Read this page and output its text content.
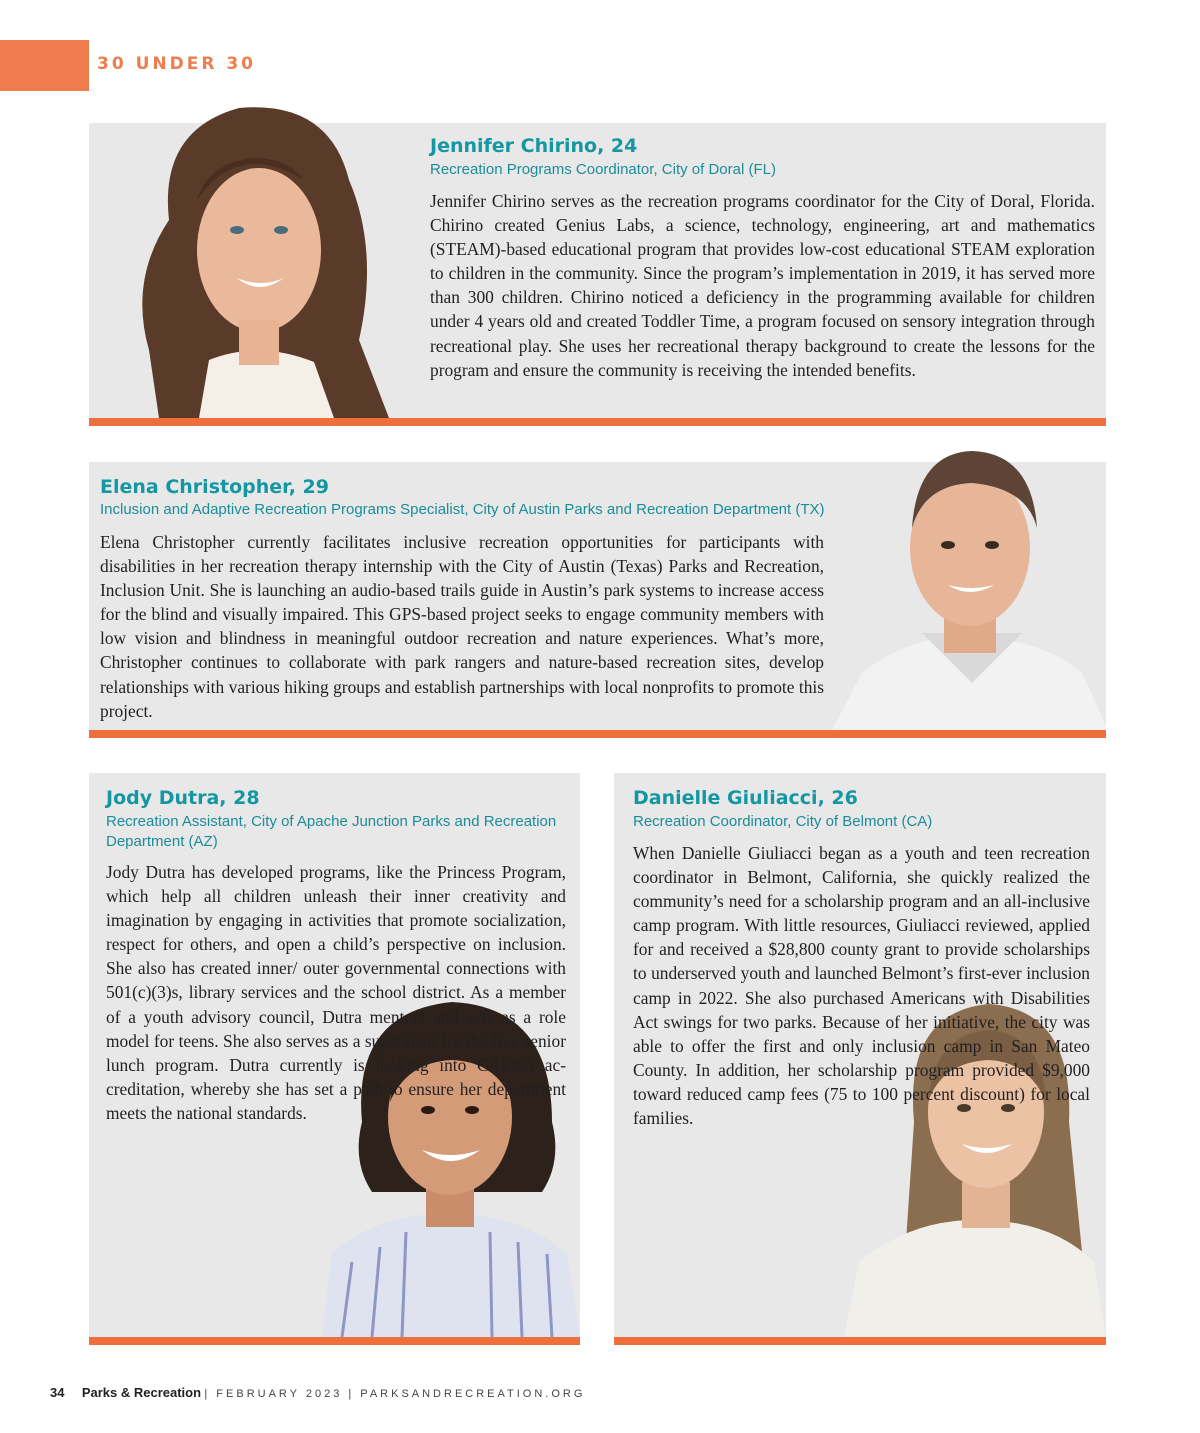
30 UNDER 30
Jennifer Chirino, 24

Recreation Programs Coordinator, City of Doral (FL)

Jennifer Chirino serves as the recreation programs coordinator for the City of Doral, Florida. Chirino created Genius Labs, a science, technology, engineering, art and mathematics (STEAM)-based educational program that provides low-cost educational STEAM exploration to children in the community. Since the program’s implementation in 2019, it has served more than 300 children. Chirino noticed a deficiency in the programming available for children under 4 years old and created Toddler Time, a program focused on sensory integration through recreational play. She uses her recreational therapy background to create the lessons for the program and ensure the community is receiving the intended benefits.

Elena Christopher, 29

Inclusion and Adaptive Recreation Programs Specialist, City of Austin Parks and Recreation Department (TX)

Elena Christopher currently facilitates inclusive recreation opportunities for participants with disabilities in her recreation therapy internship with the City of Austin (Texas) Parks and Recreation, Inclusion Unit. She is launching an audio-based trails guide in Austin’s park systems to increase access for the blind and visually impaired. This GPS-based project seeks to engage community members with low vision and blindness in meaningful outdoor recreation and nature experiences. What’s more, Christopher continues to collaborate with park rangers and nature-based recreation sites, develop relationships with various hiking groups and establish partnerships with local nonprofits to promote this project.

Jody Dutra, 28

Recreation Assistant, City of Apache Junction Parks and Recreation Department (AZ)

Jody Dutra has developed programs, like the Princess Program, which help all children unleash their inner creativity and imagination by engaging in activities that promote socialization, respect for others, and open a child’s perspective on inclusion. She also has created inner/ outer governmental connections with 501(c)(3)s, library services and the school district. As a member of a youth advisory council, Dutra mentors and acts as a role model for teens. She also serves as a supervisor for the free senior lunch program. Dutra currently is looking into CAPRA accreditation, whereby she has set a path to ensure her department meets the national standards.

Danielle Giuliacci, 26

Recreation Coordinator, City of Belmont (CA)

When Danielle Giuliacci began as a youth and teen recreation coordinator in Belmont, California, she quickly realized the community’s need for a scholarship program and an all-inclusive camp program. With little resources, Giuliacci reviewed, applied for and received a $28,800 county grant to provide scholarships to underserved youth and launched Belmont’s first-ever inclusion camp in 2022. She also purchased Americans with Disabilities Act swings for two parks. Because of her initiative, the city was able to offer the first and only inclusion camp in San Mateo County. In addition, her scholarship program provided $9,000 toward reduced camp fees (75 to 100 percent discount) for local families.

34 Parks & Recreation | FEBRUARY 2023 | PARKSANDRECREATION.ORG
